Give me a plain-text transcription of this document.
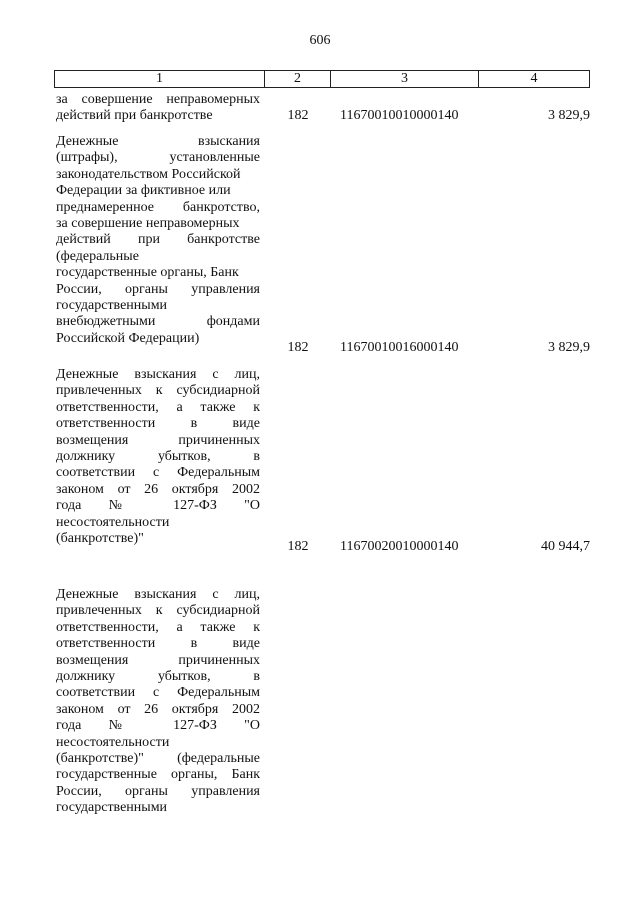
606
1	2	3	4
за совершение неправомерных
действий при банкротстве	182	11670010010000140	3 829,9
Денежные взыскания
(штрафы), установленные
законодательством Российской
Федерации за фиктивное или
преднамеренное банкротство,
за совершение неправомерных
действий при банкротстве
(федеральные
государственные органы, Банк
России, органы управления
государственными
внебюджетными фондами
Российской Федерации)
182	11670010016000140	3 829,9
Денежные взыскания с лиц,
привлеченных к субсидиарной
ответственности, а также к
ответственности в виде
возмещения причиненных
должнику убытков, в
соответствии с Федеральным
законом от 26 октября 2002
года № 127-ФЗ "О
несостоятельности
(банкротстве)"
182	11670020010000140	40 944,7
Денежные взыскания с лиц,
привлеченных к субсидиарной
ответственности, а также к
ответственности в виде
возмещения причиненных
должнику убытков, в
соответствии с Федеральным
законом от 26 октября 2002
года № 127-ФЗ "О
несостоятельности
(банкротстве)" (федеральные
государственные органы, Банк
России, органы управления
государственными
